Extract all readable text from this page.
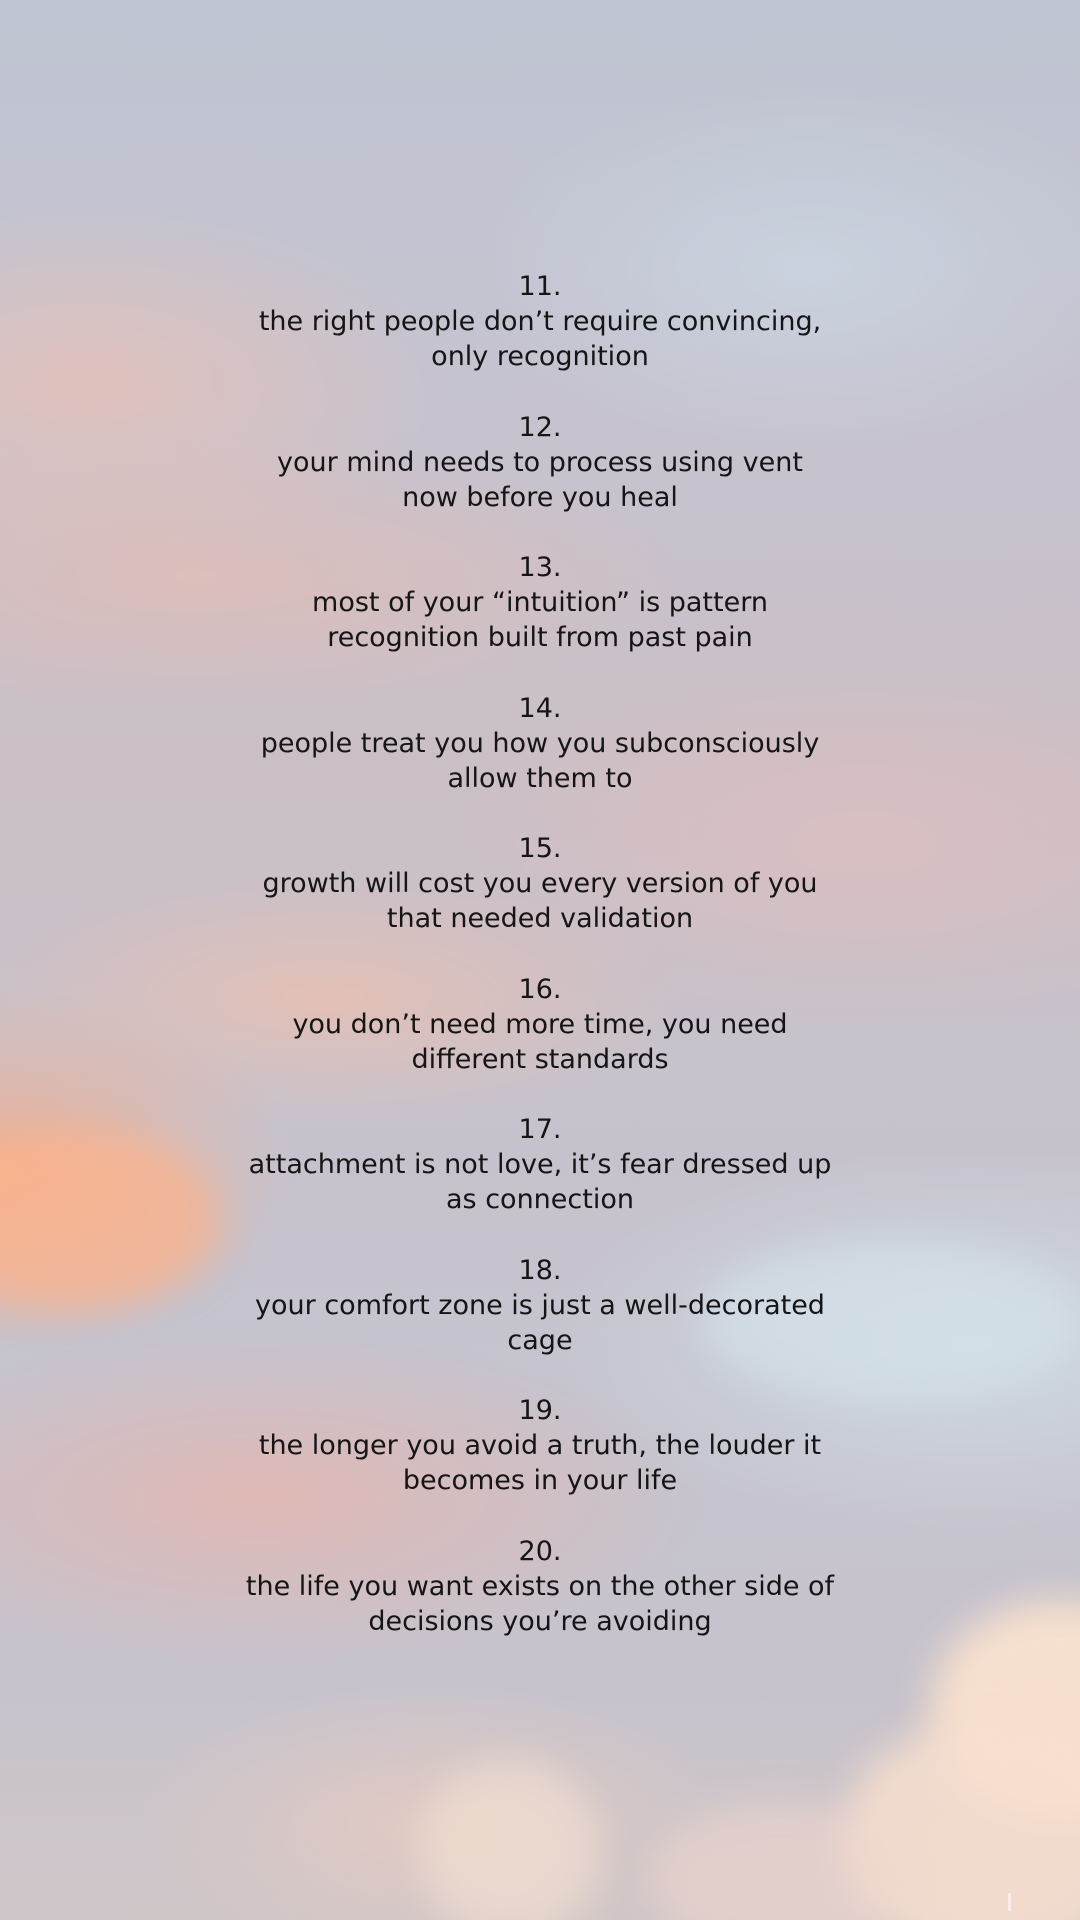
11.
the right people don’t require convincing,
only recognition
12.
your mind needs to process using vent
now before you heal
13.
most of your “intuition” is pattern
recognition built from past pain
14.
people treat you how you subconsciously
allow them to
15.
growth will cost you every version of you
that needed validation
16.
you don’t need more time, you need
different standards
17.
attachment is not love, it’s fear dressed up
as connection
18.
your comfort zone is just a well-decorated
cage
19.
the longer you avoid a truth, the louder it
becomes in your life
20.
the life you want exists on the other side of
decisions you’re avoiding
